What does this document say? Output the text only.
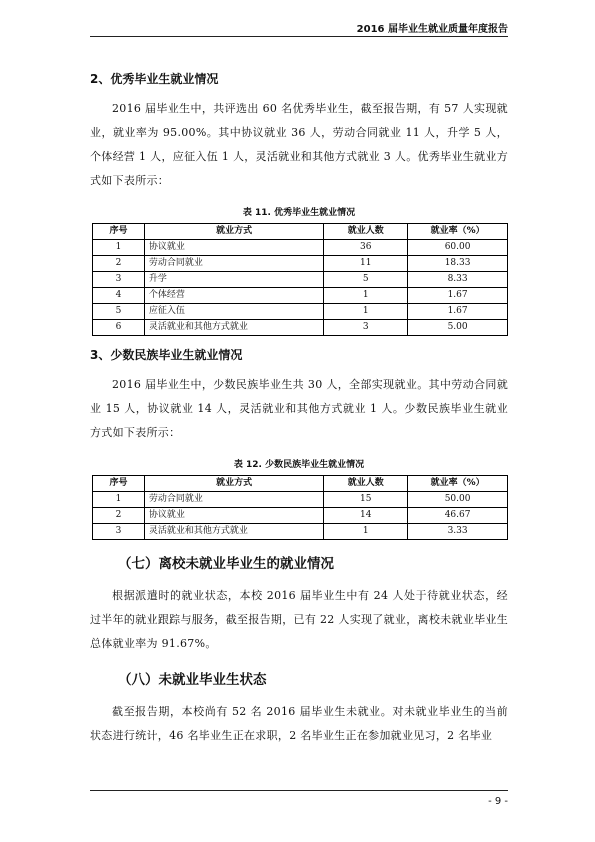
2016 届毕业生就业质量年度报告
2、优秀毕业生就业情况

2016 届毕业生中，共评选出 60 名优秀毕业生，截至报告期，有 57 人实现就业，就业率为 95.00%。其中协议就业 36 人，劳动合同就业 11 人，升学 5 人，个体经营 1 人，应征入伍 1 人，灵活就业和其他方式就业 3 人。优秀毕业生就业方式如下表所示：

表 11. 优秀毕业生就业情况
序号	就业方式	就业人数	就业率（%）
1	协议就业	36	60.00
2	劳动合同就业	11	18.33
3	升学	5	8.33
4	个体经营	1	1.67
5	应征入伍	1	1.67
6	灵活就业和其他方式就业	3	5.00
3、少数民族毕业生就业情况

2016 届毕业生中，少数民族毕业生共 30 人，全部实现就业。其中劳动合同就业 15 人，协议就业 14 人，灵活就业和其他方式就业 1 人。少数民族毕业生就业方式如下表所示：

表 12. 少数民族毕业生就业情况
序号	就业方式	就业人数	就业率（%）
1	劳动合同就业	15	50.00
2	协议就业	14	46.67
3	灵活就业和其他方式就业	1	3.33
（七）离校未就业毕业生的就业情况

根据派遣时的就业状态，本校 2016 届毕业生中有 24 人处于待就业状态，经过半年的就业跟踪与服务，截至报告期，已有 22 人实现了就业，离校未就业毕业生总体就业率为 91.67%。

（八）未就业毕业生状态

截至报告期，本校尚有 52 名 2016 届毕业生未就业。对未就业毕业生的当前状态进行统计，46 名毕业生正在求职，2 名毕业生正在参加就业见习，2 名毕业

- 9 -
